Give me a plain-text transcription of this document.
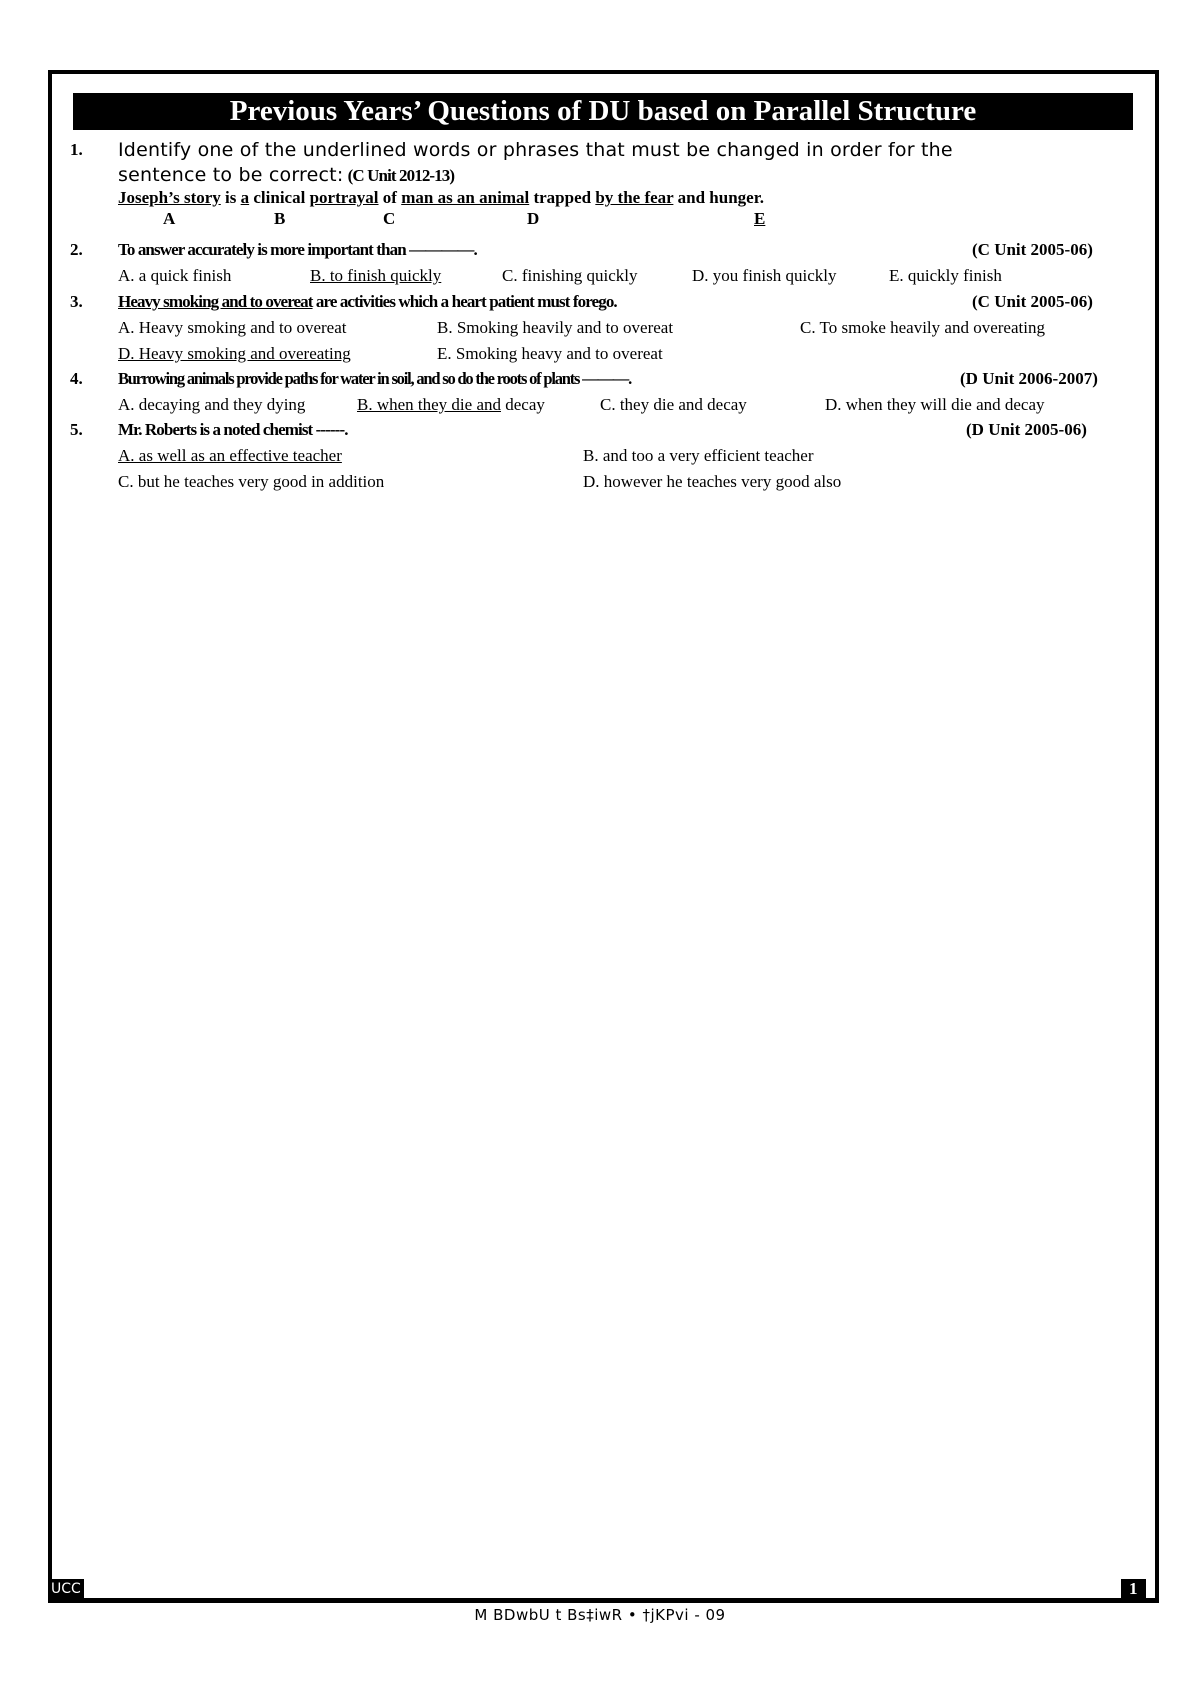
Previous Years’ Questions of DU based on Parallel Structure
1. Identify one of the underlined words or phrases that must be changed in order for the
sentence to be correct: (C Unit 2012-13)
Joseph’s story is a clinical portrayal of man as an animal trapped by the fear and hunger.
A	B	C	D	E
2. To answer accurately is more important than ————.	(C Unit 2005-06)
A. a quick finish	B. to finish quickly	C. finishing quickly	D. you finish quickly	E. quickly finish
3. Heavy smoking and to overeat are activities which a heart patient must forego.	(C Unit 2005-06)
A. Heavy smoking and to overeat	B. Smoking heavily and to overeat	C. To smoke heavily and overeating
D. Heavy smoking and overeating	E. Smoking heavy and to overeat
4. Burrowing animals provide paths for water in soil, and so do the roots of plants ———.	(D Unit 2006-2007)
A. decaying and they dying	B. when they die and decay	C. they die and decay	D. when they will die and decay
5. Mr. Roberts is a noted chemist ------.	(D Unit 2005-06)
A. as well as an effective teacher	B. and too a very efficient teacher
C. but he teaches very good in addition	D. however he teaches very good also
UCC	1
M BDwbU t Bs‡iwR • †jKPvi - 09
